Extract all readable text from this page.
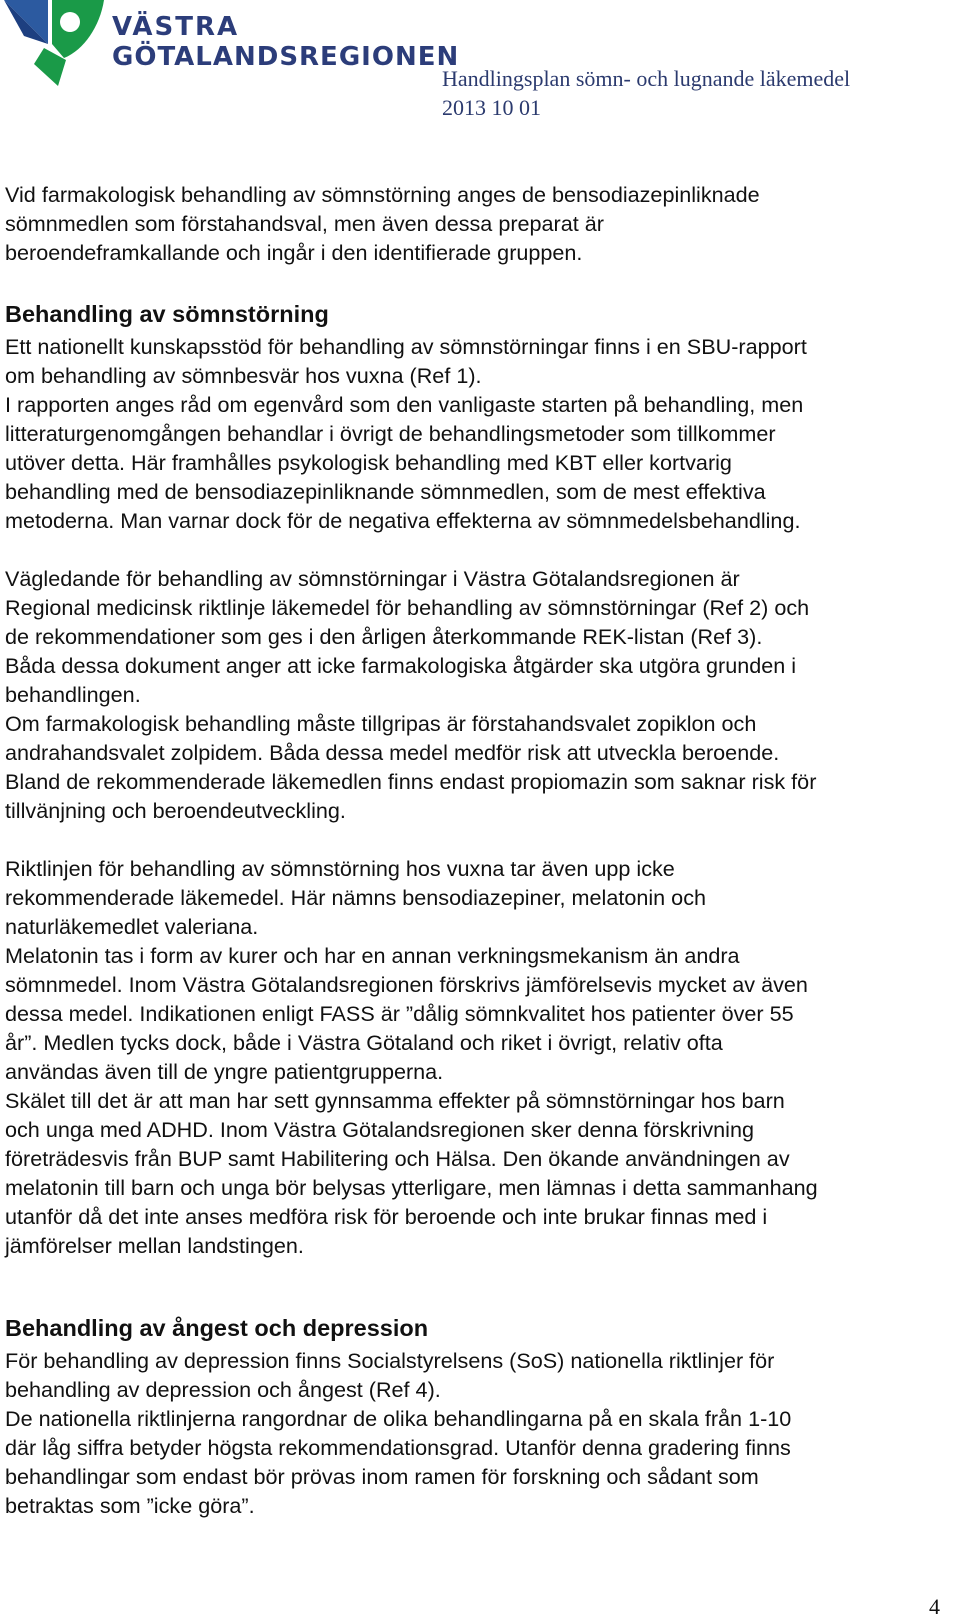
VÄSTRA
GÖTALANDSREGIONEN
Handlingsplan sömn- och lugnande läkemedel
2013 10 01

Vid farmakologisk behandling av sömnstörning anges de bensodiazepinliknade

sömnmedlen som förstahandsval, men även dessa preparat är

beroendeframkallande och ingår i den identifierade gruppen.

Behandling av sömnstörning

Ett nationellt kunskapsstöd för behandling av sömnstörningar finns i en SBU-rapport

om behandling av sömnbesvär hos vuxna (Ref 1).

I rapporten anges råd om egenvård som den vanligaste starten på behandling, men

litteraturgenomgången behandlar i övrigt de behandlingsmetoder som tillkommer

utöver detta. Här framhålles psykologisk behandling med KBT eller kortvarig

behandling med de bensodiazepinliknande sömnmedlen, som de mest effektiva

metoderna. Man varnar dock för de negativa effekterna av sömnmedelsbehandling.

Vägledande för behandling av sömnstörningar i Västra Götalandsregionen är

Regional medicinsk riktlinje läkemedel för behandling av sömnstörningar (Ref 2) och

de rekommendationer som ges i den årligen återkommande REK-listan (Ref 3).

Båda dessa dokument anger att icke farmakologiska åtgärder ska utgöra grunden i

behandlingen.

Om farmakologisk behandling måste tillgripas är förstahandsvalet zopiklon och

andrahandsvalet zolpidem. Båda dessa medel medför risk att utveckla beroende.

Bland de rekommenderade läkemedlen finns endast propiomazin som saknar risk för

tillvänjning och beroendeutveckling.

Riktlinjen för behandling av sömnstörning hos vuxna tar även upp icke

rekommenderade läkemedel. Här nämns bensodiazepiner, melatonin och

naturläkemedlet valeriana.

Melatonin tas i form av kurer och har en annan verkningsmekanism än andra

sömnmedel. Inom Västra Götalandsregionen förskrivs jämförelsevis mycket av även

dessa medel. Indikationen enligt FASS är ”dålig sömnkvalitet hos patienter över 55

år”. Medlen tycks dock, både i Västra Götaland och riket i övrigt, relativ ofta

användas även till de yngre patientgrupperna.

Skälet till det är att man har sett gynnsamma effekter på sömnstörningar hos barn

och unga med ADHD. Inom Västra Götalandsregionen sker denna förskrivning

företrädesvis från BUP samt Habilitering och Hälsa. Den ökande användningen av

melatonin till barn och unga bör belysas ytterligare, men lämnas i detta sammanhang

utanför då det inte anses medföra risk för beroende och inte brukar finnas med i

jämförelser mellan landstingen.

Behandling av ångest och depression

För behandling av depression finns Socialstyrelsens (SoS) nationella riktlinjer för

behandling av depression och ångest (Ref 4).

De nationella riktlinjerna rangordnar de olika behandlingarna på en skala från 1-10

där låg siffra betyder högsta rekommendationsgrad. Utanför denna gradering finns

behandlingar som endast bör prövas inom ramen för forskning och sådant som

betraktas som ”icke göra”.

4
